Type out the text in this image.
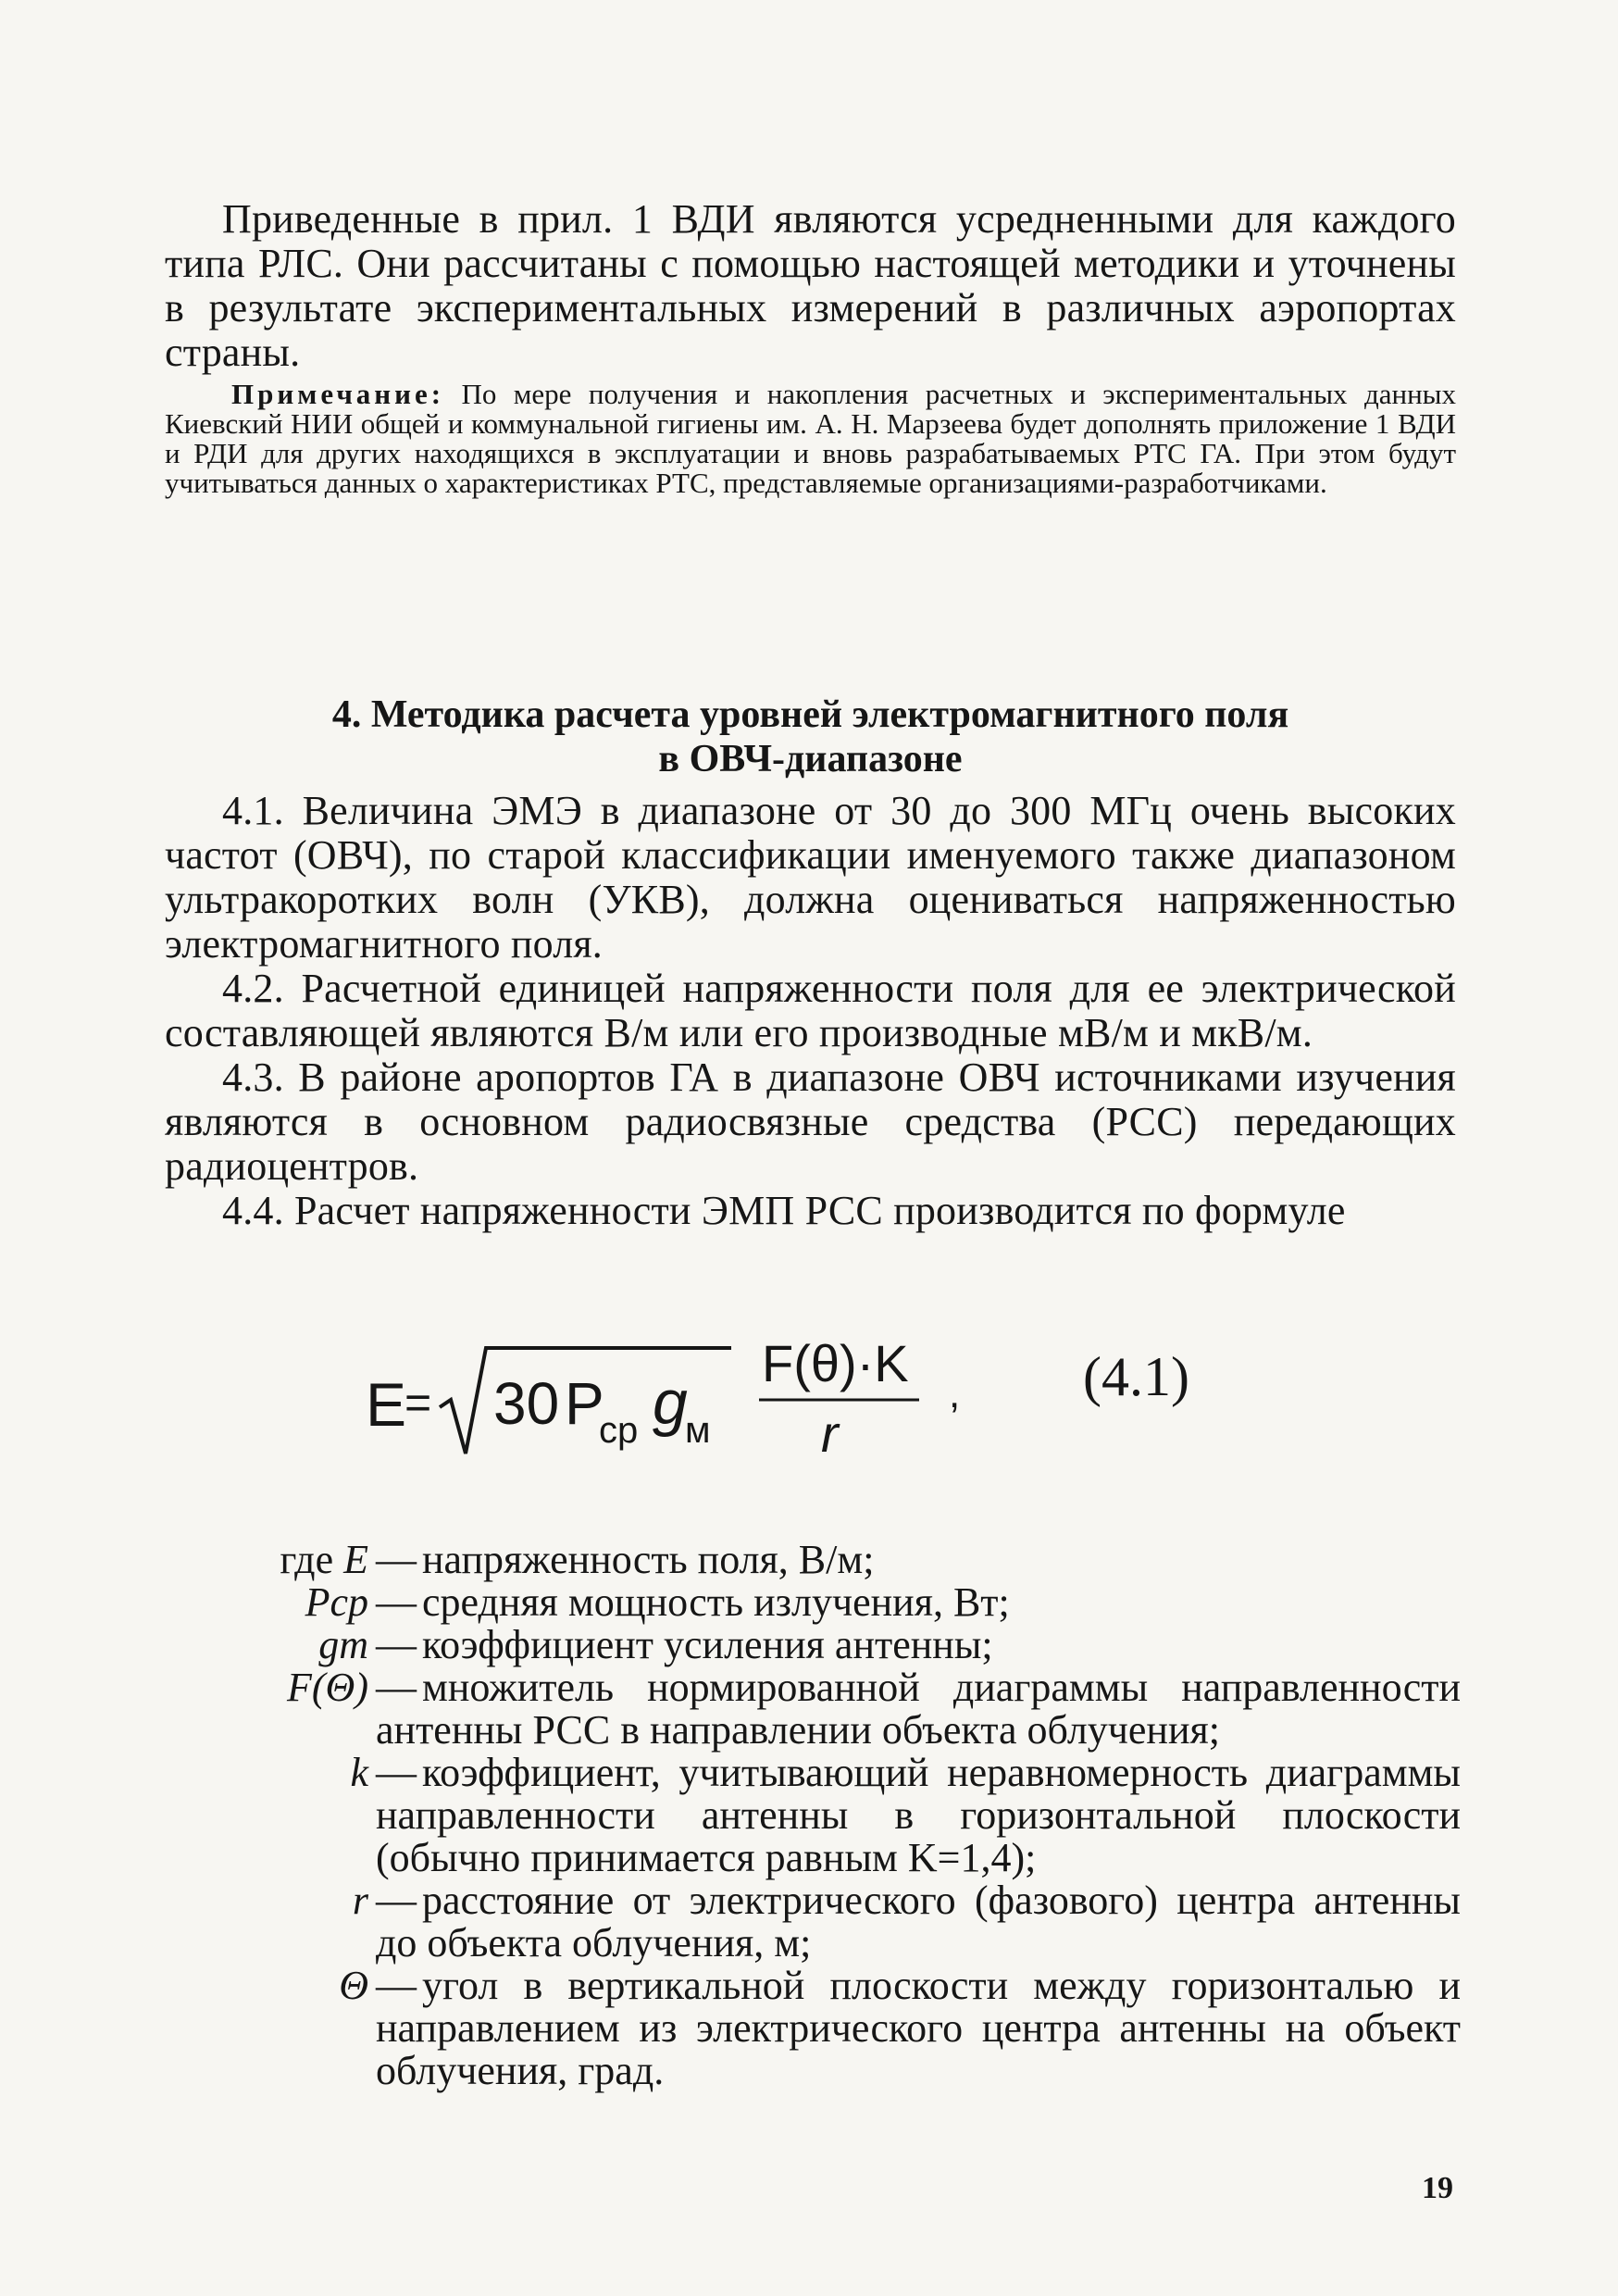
Приведенные в прил. 1 ВДИ являются усредненными для каждого типа РЛС. Они рассчитаны с помощью настоящей методики и уточнены в результате экспериментальных измерений в различных аэропортах страны.
Примечание: По мере получения и накопления расчетных и экспериментальных данных Киевский НИИ общей и коммунальной гигиены им. А. Н. Марзеева будет дополнять приложение 1 ВДИ и РДИ для других находящихся в эксплуатации и вновь разрабатываемых РТС ГА. При этом будут учитываться данных о характеристиках РТС, представляемые организациями-разработчиками.
4. Методика расчета уровней электромагнитного поля
в ОВЧ-диапазоне

4.1. Величина ЭМЭ в диапазоне от 30 до 300 МГц очень высоких частот (ОВЧ), по старой классификации именуемого также диапазоном ультракоротких волн (УКВ), должна оцениваться напряженностью электромагнитного поля.

4.2. Расчетной единицей напряженности поля для ее электрической составляющей являются В/м или его производные мВ/м и мкВ/м.

4.3. В районе аропортов ГА в диапазоне ОВЧ источниками изучения являются в основном радиосвязные средства (РСС) передающих радиоцентров.

4.4. Расчет напряженности ЭМП РСС производится по формуле

E
= 30 P
ср g
м
F(θ)·K
r
, (4.1)
где E — напряженность поля, В/м;
Pср — средняя мощность излучения, Вт;
gm — коэффициент усиления антенны;
F(Θ) — множитель нормированной диаграммы направленности антенны РСС в направлении объекта облучения;
k — коэффициент, учитывающий неравномерность диаграммы направленности антенны в горизонтальной плоскости (обычно принимается равным K=1,4);
r — расстояние от электрического (фазового) центра антенны до объекта облучения, м;
Θ — угол в вертикальной плоскости между горизонталью и направлением из электрического центра антенны на объект облучения, град.
19
